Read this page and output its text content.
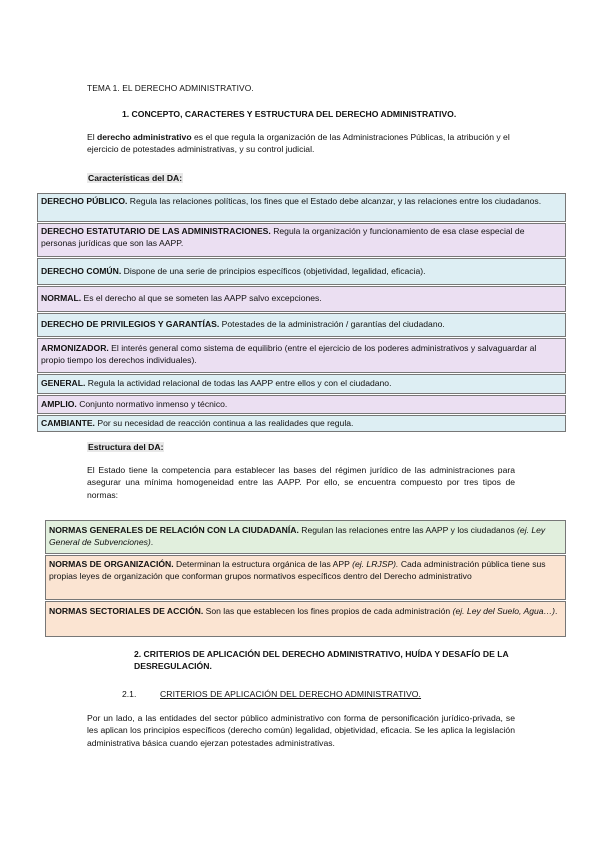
TEMA 1. EL DERECHO ADMINISTRATIVO.
1. CONCEPTO, CARACTERES Y ESTRUCTURA DEL DERECHO ADMINISTRATIVO.
El derecho administrativo es el que regula la organización de las Administraciones Públicas, la atribución y el ejercicio de potestades administrativas, y su control judicial.
Características del DA:
DERECHO PÚBLICO. Regula las relaciones políticas, los fines que el Estado debe alcanzar, y las relaciones entre los ciudadanos.
DERECHO ESTATUTARIO DE LAS ADMINISTRACIONES. Regula la organización y funcionamiento de esa clase especial de personas jurídicas que son las AAPP.
DERECHO COMÚN. Dispone de una serie de principios específicos (objetividad, legalidad, eficacia).
NORMAL. Es el derecho al que se someten las AAPP salvo excepciones.
DERECHO DE PRIVILEGIOS Y GARANTÍAS. Potestades de la administración / garantías del ciudadano.
ARMONIZADOR. El interés general como sistema de equilibrio (entre el ejercicio de los poderes administrativos y salvaguardar al propio tiempo los derechos individuales).
GENERAL. Regula la actividad relacional de todas las AAPP entre ellos y con el ciudadano.
AMPLIO. Conjunto normativo inmenso y técnico.
CAMBIANTE. Por su necesidad de reacción continua a las realidades que regula.
Estructura del DA:
El Estado tiene la competencia para establecer las bases del régimen jurídico de las administraciones para asegurar una mínima homogeneidad entre las AAPP. Por ello, se encuentra compuesto por tres tipos de normas:
NORMAS GENERALES DE RELACIÓN CON LA CIUDADANÍA. Regulan las relaciones entre las AAPP y los ciudadanos (ej. Ley General de Subvenciones).
NORMAS DE ORGANIZACIÓN. Determinan la estructura orgánica de las APP (ej. LRJSP). Cada administración pública tiene sus propias leyes de organización que conforman grupos normativos específicos dentro del Derecho administrativo
NORMAS SECTORIALES DE ACCIÓN. Son las que establecen los fines propios de cada administración (ej. Ley del Suelo, Agua…).
2. CRITERIOS DE APLICACIÓN DEL DERECHO ADMINISTRATIVO, HUÍDA Y DESAFÍO DE LA DESREGULACIÓN.
2.1.	CRITERIOS DE APLICACIÓN DEL DERECHO ADMINISTRATIVO.
Por un lado, a las entidades del sector público administrativo con forma de personificación jurídico-privada, se les aplican los principios específicos (derecho común) legalidad, objetividad, eficacia. Se les aplica la legislación administrativa básica cuando ejerzan potestades administrativas.
